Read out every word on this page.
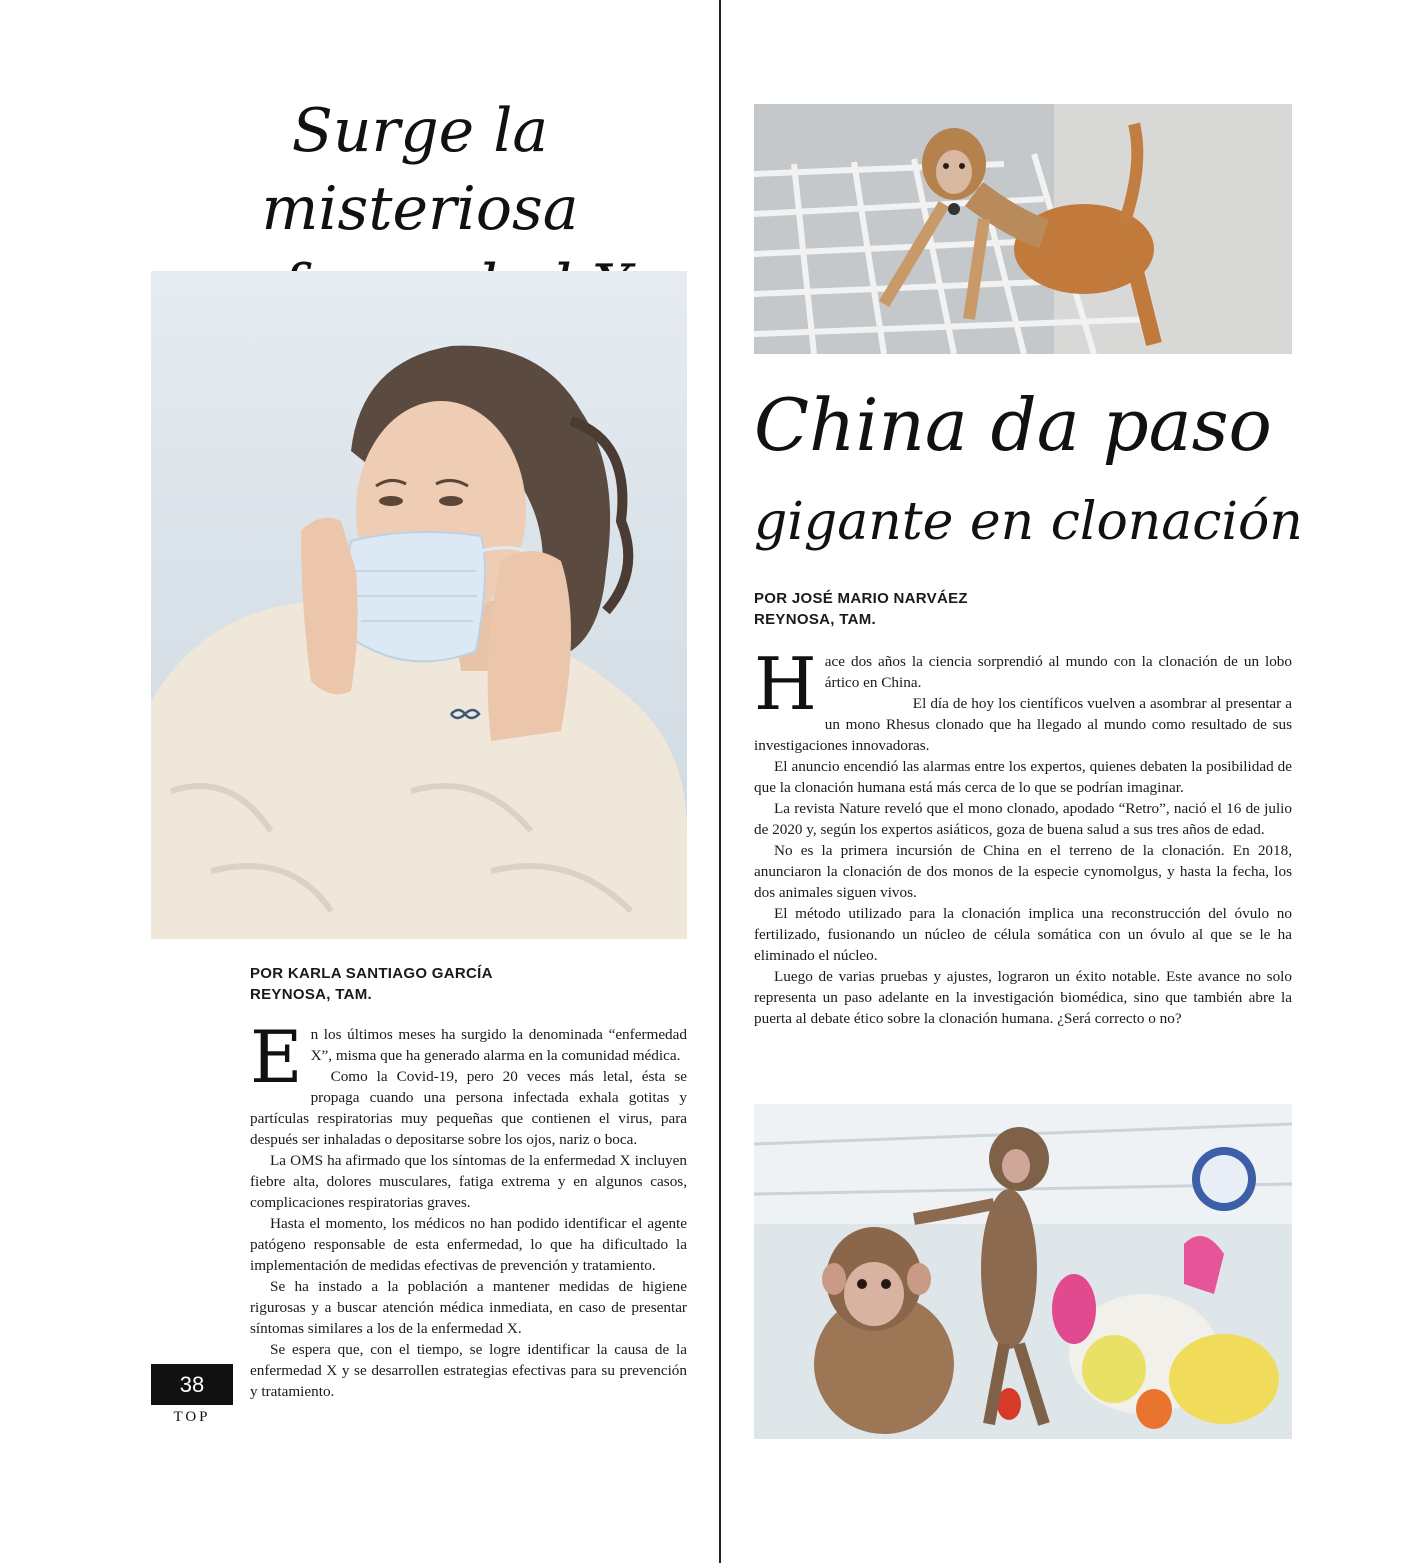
Surge la misteriosa

POR KARLA SANTIAGO GARCÍA
REYNOSA, TAM.

En los últimos meses ha surgido la denominada “enfermedad X”, misma que ha generado alarma en la comunidad médica.

Como la Covid-19, pero 20 veces más letal, ésta se propaga cuando una persona infectada exhala gotitas y partículas respiratorias muy pequeñas que contienen el virus, para después ser inhaladas o depositarse sobre los ojos, nariz o boca.

La OMS ha afirmado que los síntomas de la enfermedad X incluyen fiebre alta, dolores musculares, fatiga extrema y en algunos casos, complicaciones respiratorias graves.

Hasta el momento, los médicos no han podido identificar el agente patógeno responsable de esta enfermedad, lo que ha dificultado la implementación de medidas efectivas de prevención y tratamiento.

Se ha instado a la población a mantener medidas de higiene rigurosas y a buscar atención médica inmediata, en caso de presentar síntomas similares a los de la enfermedad X.

Se espera que, con el tiempo, se logre identificar la causa de la enfermedad X y se desarrollen estrategias efectivas para su prevención y tratamiento.

38
TOP
China da paso
gigante en clonación
POR JOSÉ MARIO NARVÁEZ
REYNOSA, TAM.

Hace dos años la ciencia sorprendió al mundo con la clonación de un lobo ártico en China.

El día de hoy los científicos vuelven a asombrar al presentar a un mono Rhesus clonado que ha llegado al mundo como resultado de sus investigaciones innovadoras.

El anuncio encendió las alarmas entre los expertos, quienes debaten la posibilidad de que la clonación humana está más cerca de lo que se podrían imaginar.

La revista Nature reveló que el mono clonado, apodado “Retro”, nació el 16 de julio de 2020 y, según los expertos asiáticos, goza de buena salud a sus tres años de edad.

No es la primera incursión de China en el terreno de la clonación. En 2018, anunciaron la clonación de dos monos de la especie cynomolgus, y hasta la fecha, los dos animales siguen vivos.

El método utilizado para la clonación implica una reconstrucción del óvulo no fertilizado, fusionando un núcleo de célula somática con un óvulo al que se le ha eliminado el núcleo.

Luego de varias pruebas y ajustes, lograron un éxito notable. Este avance no solo representa un paso adelante en la investigación biomédica, sino que también abre la puerta al debate ético sobre la clonación humana. ¿Será correcto o no?
